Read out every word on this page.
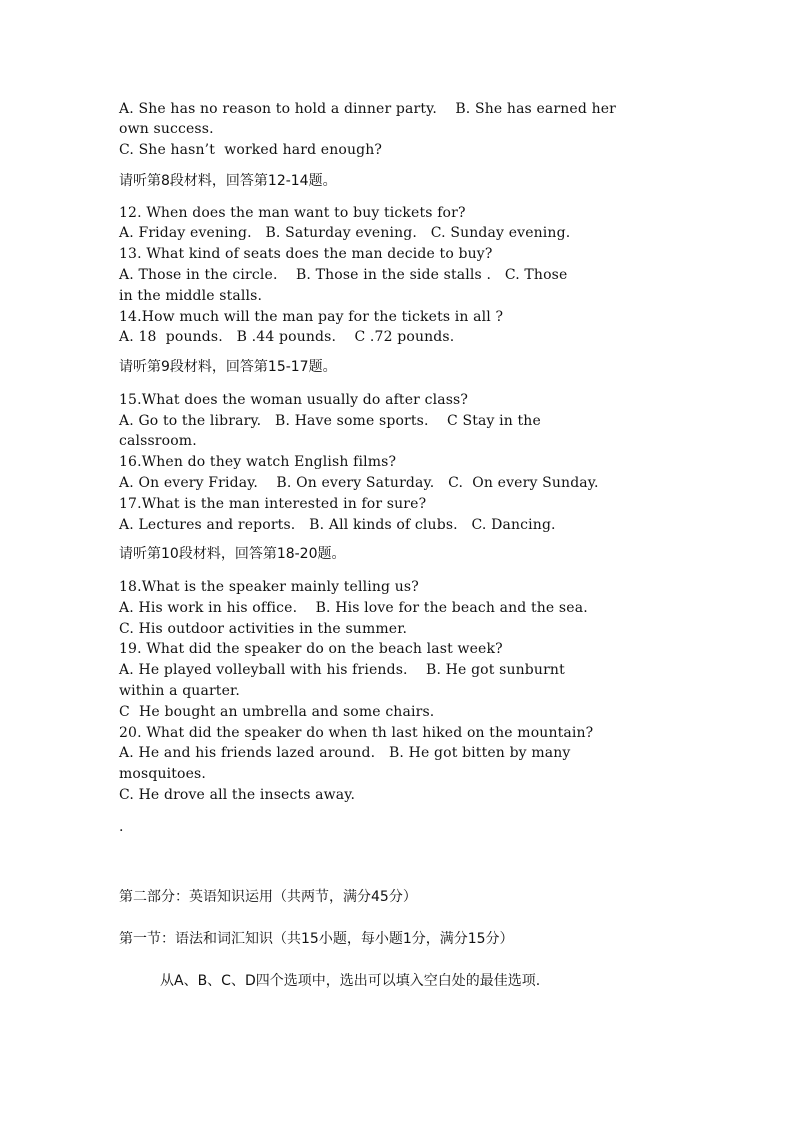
A. She has no reason to hold a dinner party.    B. She has earned her
own success.
C. She hasn’t  worked hard enough?
请听第8段材料，回答第12-14题。
12. When does the man want to buy tickets for?
A. Friday evening.   B. Saturday evening.   C. Sunday evening.
13. What kind of seats does the man decide to buy?
A. Those in the circle.    B. Those in the side stalls .   C. Those
in the middle stalls.
14.How much will the man pay for the tickets in all ?
A. 18  pounds.   B .44 pounds.    C .72 pounds.
请听第9段材料，回答第15-17题。
15.What does the woman usually do after class?
A. Go to the library.   B. Have some sports.    C Stay in the
calssroom.
16.When do they watch English films?
A. On every Friday.    B. On every Saturday.   C.  On every Sunday.
17.What is the man interested in for sure?
A. Lectures and reports.   B. All kinds of clubs.   C. Dancing.
请听第10段材料，回答第18-20题。
18.What is the speaker mainly telling us?
A. His work in his office.    B. His love for the beach and the sea.
C. His outdoor activities in the summer.
19. What did the speaker do on the beach last week?
A. He played volleyball with his friends.    B. He got sunburnt
within a quarter.
C  He bought an umbrella and some chairs.
20. What did the speaker do when th last hiked on the mountain?
A. He and his friends lazed around.   B. He got bitten by many
mosquitoes.
C. He drove all the insects away.
.
第二部分：英语知识运用（共两节，满分45分）
第一节：语法和词汇知识（共15小题，每小题1分，满分15分）
从A、B、C、D四个选项中，选出可以填入空白处的最佳选项.
